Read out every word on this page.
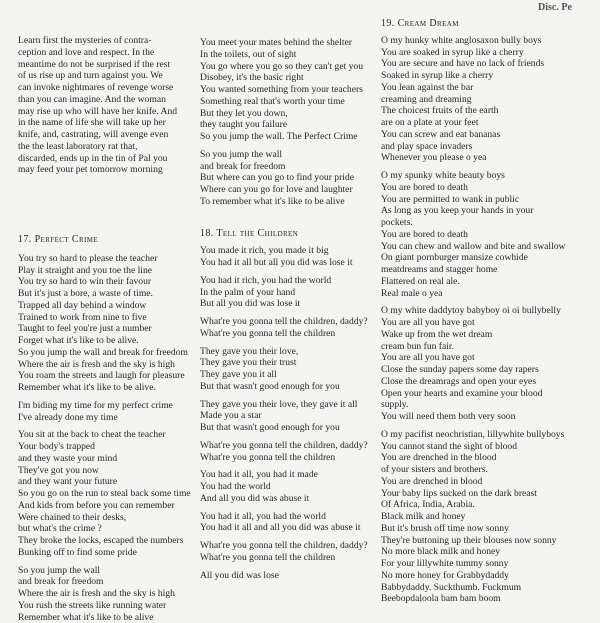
Disc. Pe
Learn first the mysteries of contra-
ception and love and respect. In the
meantime do not be surprised if the rest
of us rise up and turn against you. We
can invoke nightmares of revenge worse
than you can imagine. And the woman
may rise up who will have her knife. And
in the name of life she will take up her
knife, and, castrating, will avenge even
the the least laboratory rat that,
discarded, ends up in the tin of Pal you
may feed your pet tomorrow morning
17. Perfect Crime
You try so hard to please the teacher
Play it straight and you toe the line
You try so hard to win their favour
But it's just a bore, a waste of time.
Trapped all day behind a window
Trained to work from nine to five
Taught to feel you're just a number
Forget what it's like to be alive.
So you jump the wall and break for freedom
Where the air is fresh and the sky is high
You roam the streets and laugh for pleasure
Remember what it's like to be alive.
I'm biding my time for my perfect crime
I've already done my time
You sit at the back to cheat the teacher
Your body's trapped
and they waste your mind
They've got you now
and they want your future
So you go on the run to steal back some time
And kids from before you can remember
Were chained to their desks,
but what's the crime ?
They broke the locks, escaped the numbers
Bunking off to find some pride
So you jump the wall
and break for freedom
Where the air is fresh and the sky is high
You rush the streets like running water
Remember what it's like to be alive
You meet your mates behind the shelter
In the toilets, out of sight
You go where you go so they can't get you
Disobey, it's the basic right
You wanted something from your teachers
Something real that's worth your time
But they let you down,
they taught you failure
So you jump the wall. The Perfect Crime
So you jump the wall
and break for freedom
But where can you go to find your pride
Where can you go for love and laughter
To remember what it's like to be alive
18. Tell the Children
You made it rich, you made it big
You had it all but all you did was lose it
You had it rich, you had the world
In the palm of your hand
But all you did was lose it
What're you gonna tell the children, daddy?
What're you gonna tell the children
They gave you their love,
They gave you their trust
They gave you it all
But that wasn't good enough for you
They gave you their love, they gave it all
Made you a star
But that wasn't good enough for you
What're you gonna tell the children, daddy?
What're you gonna tell the children
You had it all, you had it made
You had the world
And all you did was abuse it
You had it all, you had the world
You had it all and all you did was abuse it
What're you gonna tell the children, daddy?
What're you gonna tell the children
All you did was lose
19. Cream Dream
O my hunky white anglosaxon bully boys
You are soaked in syrup like a cherry
You are secure and have no lack of friends
Soaked in syrup like a cherry
You lean against the bar
creaming and dreaming
The choicest fruits of the earth
are on a plate at your feet
You can screw and eat bananas
and play space invaders
Whenever you please o yea
O my spunky white beauty boys
You are bored to death
You are permitted to wank in public
As long as you keep your hands in your
pockets.
You are bored to death
You can chew and wallow and bite and swallow
On giant pornburger mansize cowhide
meatdreams and stagger home
Flattered on real ale.
Real male o yea
O my white daddytoy babyboy oi oi bullybelly
You are all you have got
Wake up from the wet dream
cream bun fun fair.
You are all you have got
Close the sunday papers some day rapers
Close the dreamrags and open your eyes
Open your hearts and examine your blood
supply.
You will need them both very soon
O my pacifist neochristian, lillywhite bullyboys
You cannot stand the sight of blood
You are drenched in the blood
of your sisters and brothers.
You are drenched in blood
Your baby lips sucked on the dark breast
Of Africa, India, Arabia.
Black milk and honey
But it's brush off time now sonny
They're buttoning up their blouses now sonny
No more black milk and honey
For your lillywhite tummy sonny
No more honey for Grabbydaddy
Babbydaddy. Suckthumb. Fuckmum
Beebopdaloola bam bam boom
